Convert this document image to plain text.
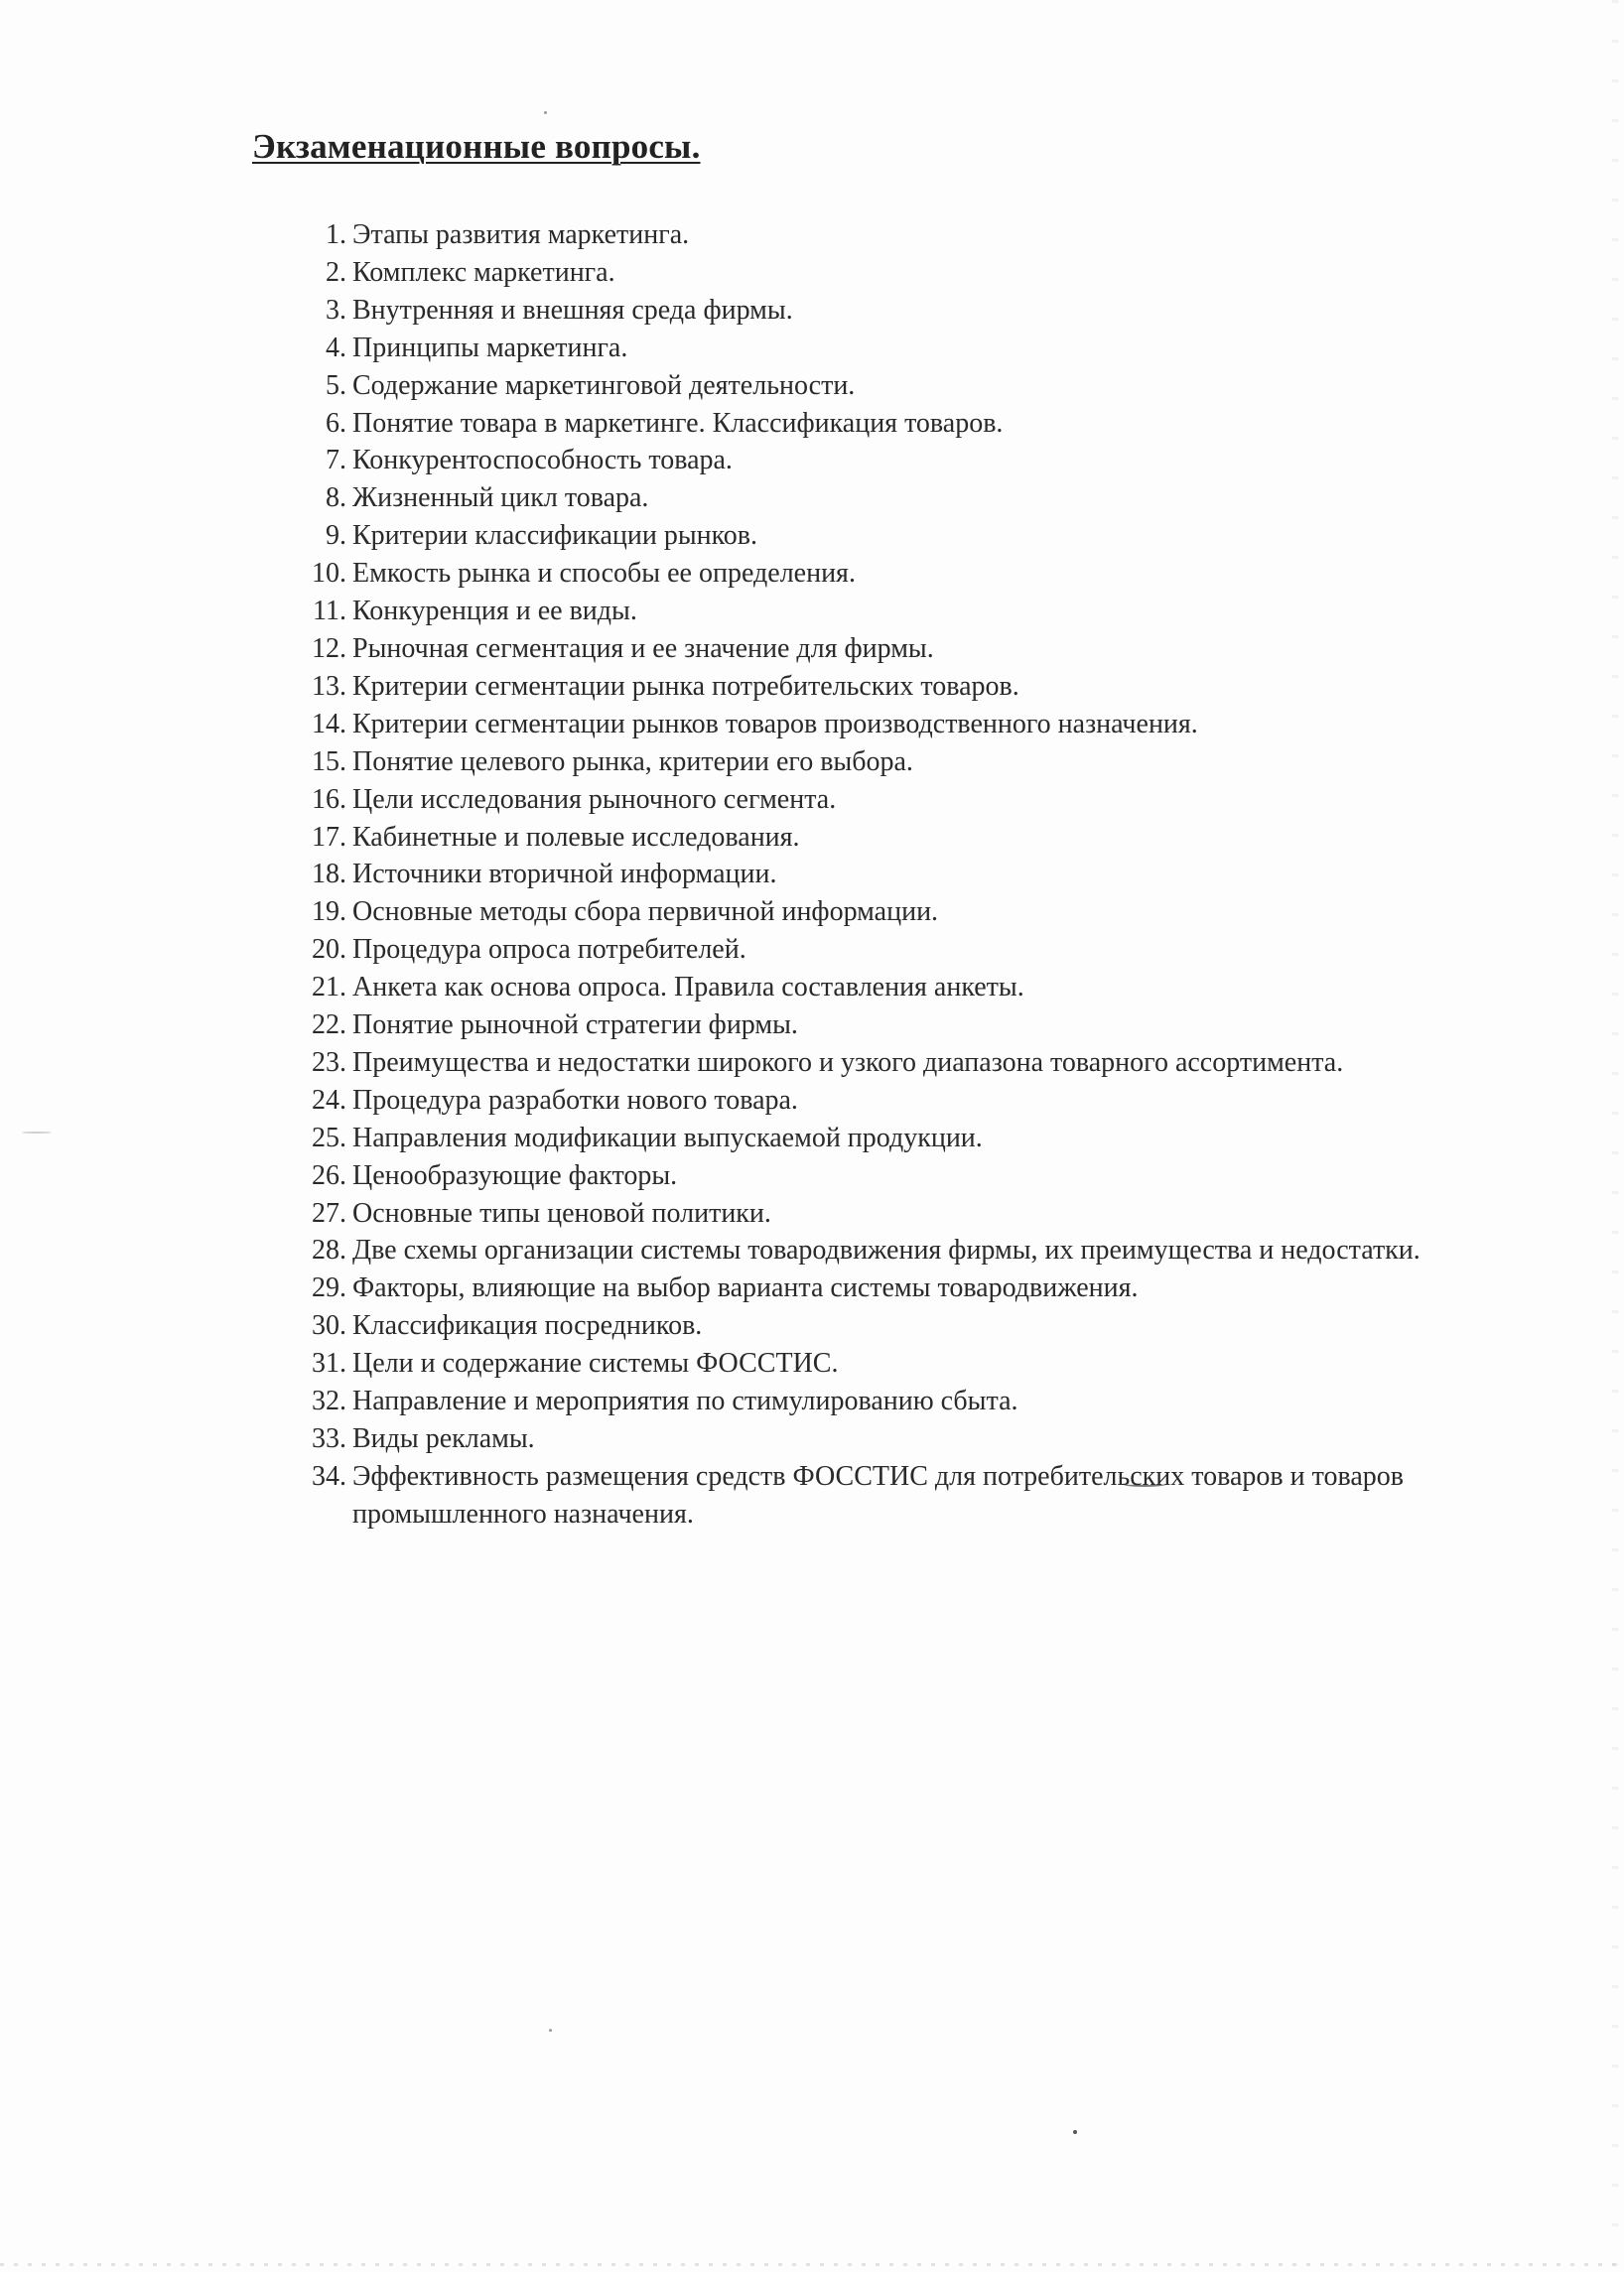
Экзаменационные вопросы.
1. Этапы развития маркетинга.
2. Комплекс маркетинга.
3. Внутренняя и внешняя среда фирмы.
4. Принципы маркетинга.
5. Содержание маркетинговой деятельности.
6. Понятие товара в маркетинге. Классификация товаров.
7. Конкурентоспособность товара.
8. Жизненный цикл товара.
9. Критерии классификации рынков.
10. Емкость рынка и способы ее определения.
11. Конкуренция и ее виды.
12. Рыночная сегментация и ее значение для фирмы.
13. Критерии сегментации рынка потребительских товаров.
14. Критерии сегментации рынков товаров производственного назначения.
15. Понятие целевого рынка, критерии его выбора.
16. Цели исследования рыночного сегмента.
17. Кабинетные и полевые исследования.
18. Источники вторичной информации.
19. Основные методы сбора первичной информации.
20. Процедура опроса потребителей.
21. Анкета как основа опроса. Правила составления анкеты.
22. Понятие рыночной стратегии фирмы.
23. Преимущества и недостатки широкого и узкого диапазона товарного ассортимента.
24. Процедура разработки нового товара.
25. Направления модификации выпускаемой продукции.
26. Ценообразующие факторы.
27. Основные типы ценовой политики.
28. Две схемы организации системы товародвижения фирмы, их преимущества и недостатки.
29. Факторы, влияющие на выбор варианта системы товародвижения.
30. Классификация посредников.
31. Цели и содержание системы ФОССТИС.
32. Направление и мероприятия по стимулированию сбыта.
33. Виды рекламы.
34. Эффективность размещения средств ФОССТИС для потребительских товаров и товаров промышленного назначения.
